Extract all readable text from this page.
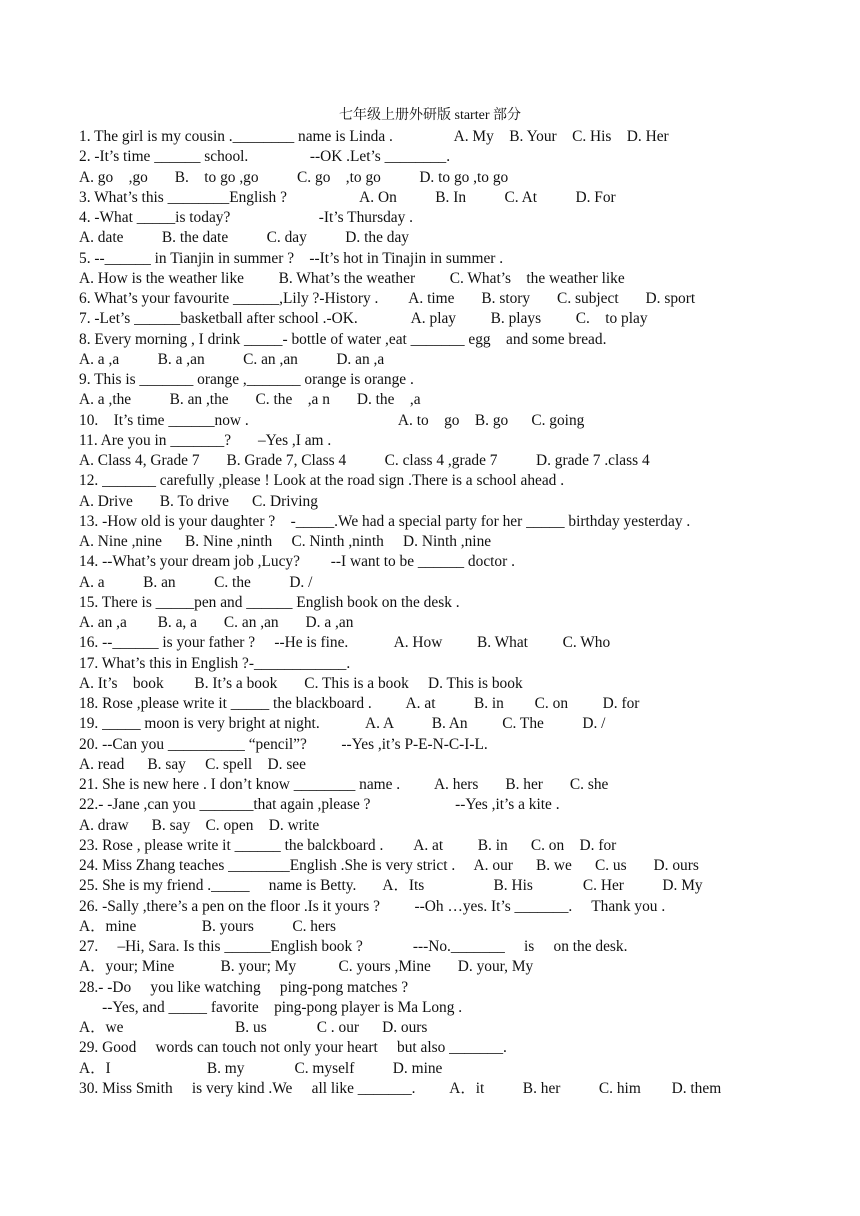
七年级上册外研版 starter 部分
1. The girl is my cousin .________ name is Linda .                A. My    B. Your    C. His    D. Her
2. -It’s time ______ school.                --OK .Let’s ________.
A. go    ,go       B.    to go ,go          C. go    ,to go          D. to go ,to go
3. What’s this ________English ?                   A. On          B. In          C. At          D. For
4. -What _____is today?                       -It’s Thursday .
A. date          B. the date          C. day          D. the day
5. --______ in Tianjin in summer ?    --It’s hot in Tinajin in summer .
A. How is the weather like         B. What’s the weather         C. What’s    the weather like
6. What’s your favourite ______,Lily ?-History .        A. time       B. story       C. subject       D. sport
7. -Let’s ______basketball after school .-OK.              A. play         B. plays         C.    to play
8. Every morning , I drink _____- bottle of water ,eat _______ egg    and some bread.
A. a ,a          B. a ,an          C. an ,an          D. an ,a
9. This is _______ orange ,_______ orange is orange .
A. a ,the          B. an ,the       C. the    ,a n       D. the    ,a
10.    It’s time ______now .                                       A. to    go    B. go      C. going
11. Are you in _______?       –Yes ,I am .
A. Class 4, Grade 7       B. Grade 7, Class 4          C. class 4 ,grade 7          D. grade 7 .class 4
12. _______ carefully ,please ! Look at the road sign .There is a school ahead .
A. Drive       B. To drive      C. Driving
13. -How old is your daughter ?    -_____.We had a special party for her _____ birthday yesterday .
A. Nine ,nine      B. Nine ,ninth     C. Ninth ,ninth     D. Ninth ,nine
14. --What’s your dream job ,Lucy?        --I want to be ______ doctor .
A. a          B. an          C. the          D. /
15. There is _____pen and ______ English book on the desk .
A. an ,a        B. a, a       C. an ,an       D. a ,an
16. --______ is your father ?     --He is fine.            A. How         B. What         C. Who
17. What’s this in English ?-____________.
A. It’s    book        B. It’s a book       C. This is a book     D. This is book
18. Rose ,please write it _____ the blackboard .         A. at          B. in        C. on         D. for
19. _____ moon is very bright at night.            A. A          B. An         C. The          D. /
20. --Can you __________ “pencil”?         --Yes ,it’s P-E-N-C-I-L.
A. read      B. say     C. spell    D. see
21. She is new here . I don’t know ________ name .         A. hers       B. her       C. she
22.- -Jane ,can you _______that again ,please ?                      --Yes ,it’s a kite .
A. draw      B. say    C. open    D. write
23. Rose , please write it ______ the balckboard .        A. at         B. in      C. on    D. for
24. Miss Zhang teaches ________English .She is very strict .     A. our      B. we      C. us       D. ours
25. She is my friend ._____     name is Betty.       A．Its                  B. His             C. Her          D. My
26. -Sally ,there’s a pen on the floor .Is it yours ?         --Oh …yes. It’s _______.     Thank you .
A．mine                 B. yours          C. hers
27.     –Hi, Sara. Is this ______English book ?             ---No._______     is     on the desk.
A．your; Mine            B. your; My           C. yours ,Mine       D. your, My
28.- -Do     you like watching     ping-pong matches ?
--Yes, and _____ favorite    ping-pong player is Ma Long .
A．we                             B. us             C . our      D. ours
29. Good     words can touch not only your heart     but also _______.
A．I                         B. my             C. myself          D. mine
30. Miss Smith     is very kind .We     all like _______.         A．it          B. her          C. him        D. them
